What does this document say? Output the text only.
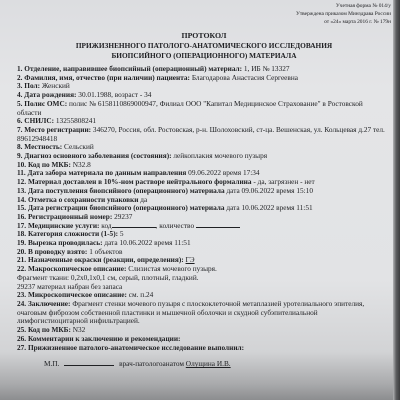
Учетная форма № 014/у
Утверждена приказом Минздрава России
от «24» марта 2016 г. № 179н
ПРОТОКОЛ
ПРИЖИЗНЕННОГО ПАТОЛОГО-АНАТОМИЧЕСКОГО ИССЛЕДОВАНИЯ
БИОПСИЙНОГО (ОПЕРАЦИОННОГО) МАТЕРИАЛА
1. Отделение, направившее биопсийный (операционный) материал: 1, ИБ № 13327
2. Фамилия, имя, отчество (при наличии) пациента: Благодарова Анастасия Сергеевна
3. Пол: Женский
4. Дата рождения: 30.01.1988, возраст - 34
5. Полис ОМС: полис № 6158110869000947, Филиал ООО "Капитал Медицинское Страхование" в Ростовской области
6. СНИЛС: 13255808241
7. Место регистрации: 346270, Россия, обл. Ростовская, р-н. Шолоховский, ст-ца. Вешенская, ул. Кольцевая д.27 тел. 89612948418
8. Местность: Сельский
9. Диагноз основного заболевания (состояния): лейкоплакия мочевого пузыря
10. Код по МКБ: N32.8
11. Дата забора материала по данным направления 09.06.2022 время 17:34
12. Материал доставлен в 10%-ном растворе нейтрального формалина - да, загрязнен - нет
13. Дата поступления биопсийного (операционного) материала дата 09.06.2022 время 15:10
14. Отметка о сохранности упаковки да
15. Дата регистрации биопсийного (операционного) материала дата 10.06.2022 время 11:51
16. Регистрационный номер: 29237
17. Медицинские услуги: код	, количество
18. Категория сложности (1-5): 5
19. Вырезка проводилась: дата 10.06.2022 время 11:51
20. В проводку взято: 1 объектов
21. Назначенные окраски (реакции, определения): ГЭ
22. Макроскопическое описание: Слизистая мочевого пузыря.
Фрагмент ткани: 0,2x0,1x0,1 см, серый, плотный, гладкий.
29237 материал набран без запаса
23. Микроскопическое описание: см. п.24
24. Заключение: Фрагмент стенки мочевого пузыря с плоскоклеточной метаплазией уротелиального эпителия, очаговым фиброзом собственной пластинки и мышечной оболочки и скудной субэпителиальной лимфогистиоцитарной инфильтрацией.
25. Код по МКБ: N32
26. Комментарии к заключению и рекомендации:
27. Прижизненное патолого-анатомическое исследование выполнил:
М.П.	врач-патологоанатом Олущина И.В.
